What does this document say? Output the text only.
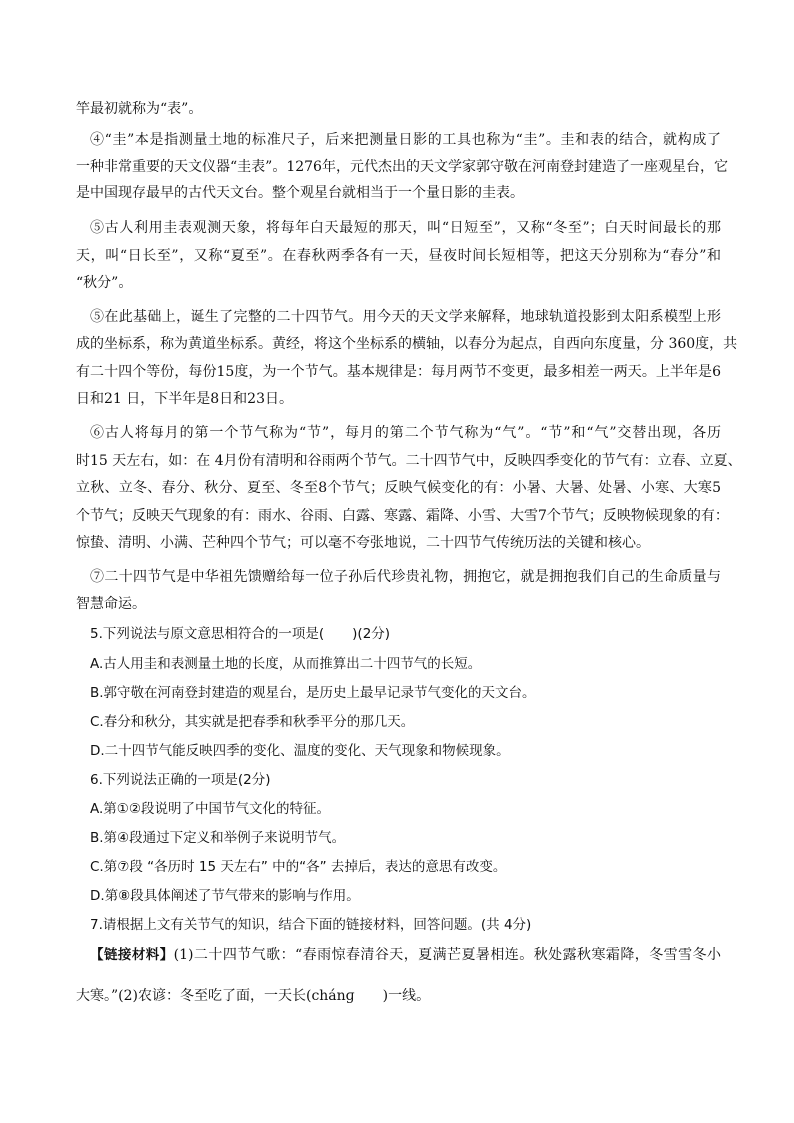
竿最初就称为“表”。
④“圭”本是指测量土地的标准尺子，后来把测量日影的工具也称为“圭”。圭和表的结合，就构成了
一种非常重要的天文仪器“圭表”。1276年，元代杰出的天文学家郭守敬在河南登封建造了一座观星台，它
是中国现存最早的古代天文台。整个观星台就相当于一个量日影的圭表。
⑤古人利用圭表观测天象，将每年白天最短的那天，叫“日短至”，又称“冬至”；白天时间最长的那
天，叫“日长至”，又称“夏至”。在春秋两季各有一天，昼夜时间长短相等，把这天分别称为“春分”和
“秋分”。
⑤在此基础上，诞生了完整的二十四节气。用今天的天文学来解释，地球轨道投影到太阳系模型上形
成的坐标系，称为黄道坐标系。黄经，将这个坐标系的横轴，以春分为起点，自西向东度量，分 360度，共
有二十四个等份，每份15度，为一个节气。基本规律是：每月两节不变更，最多相差一两天。上半年是6
日和21 日，下半年是8日和23日。
⑥古人将每月的第一个节气称为“节”，每月的第二个节气称为“气”。“节”和“气”交替出现，各历
时15 天左右，如：在 4月份有清明和谷雨两个节气。二十四节气中，反映四季变化的节气有：立春、立夏、
立秋、立冬、春分、秋分、夏至、冬至8个节气；反映气候变化的有：小暑、大暑、处暑、小寒、大寒5
个节气；反映天气现象的有：雨水、谷雨、白露、寒露、霜降、小雪、大雪7个节气；反映物候现象的有：
惊蛰、清明、小满、芒种四个节气；可以毫不夸张地说，二十四节气传统历法的关键和核心。
⑦二十四节气是中华祖先馈赠给每一位子孙后代珍贵礼物，拥抱它，就是拥抱我们自己的生命质量与
智慧命运。
5.下列说法与原文意思相符合的一项是( )(2分)
A.古人用圭和表测量土地的长度，从而推算出二十四节气的长短。
B.郭守敬在河南登封建造的观星台，是历史上最早记录节气变化的天文台。
C.春分和秋分，其实就是把春季和秋季平分的那几天。
D.二十四节气能反映四季的变化、温度的变化、天气现象和物候现象。
6.下列说法正确的一项是(2分)
A.第①②段说明了中国节气文化的特征。
B.第④段通过下定义和举例子来说明节气。
C.第⑦段 “各历时 15 天左右” 中的“各” 去掉后，表达的意思有改变。
D.第⑧段具体阐述了节气带来的影响与作用。
7.请根据上文有关节气的知识，结合下面的链接材料，回答问题。(共 4分)
【链接材料】(1)二十四节气歌：“春雨惊春清谷天，夏满芒夏暑相连。秋处露秋寒霜降，冬雪雪冬小
大寒。”(2)农谚：冬至吃了面，一天长(chánɡ )一线。
